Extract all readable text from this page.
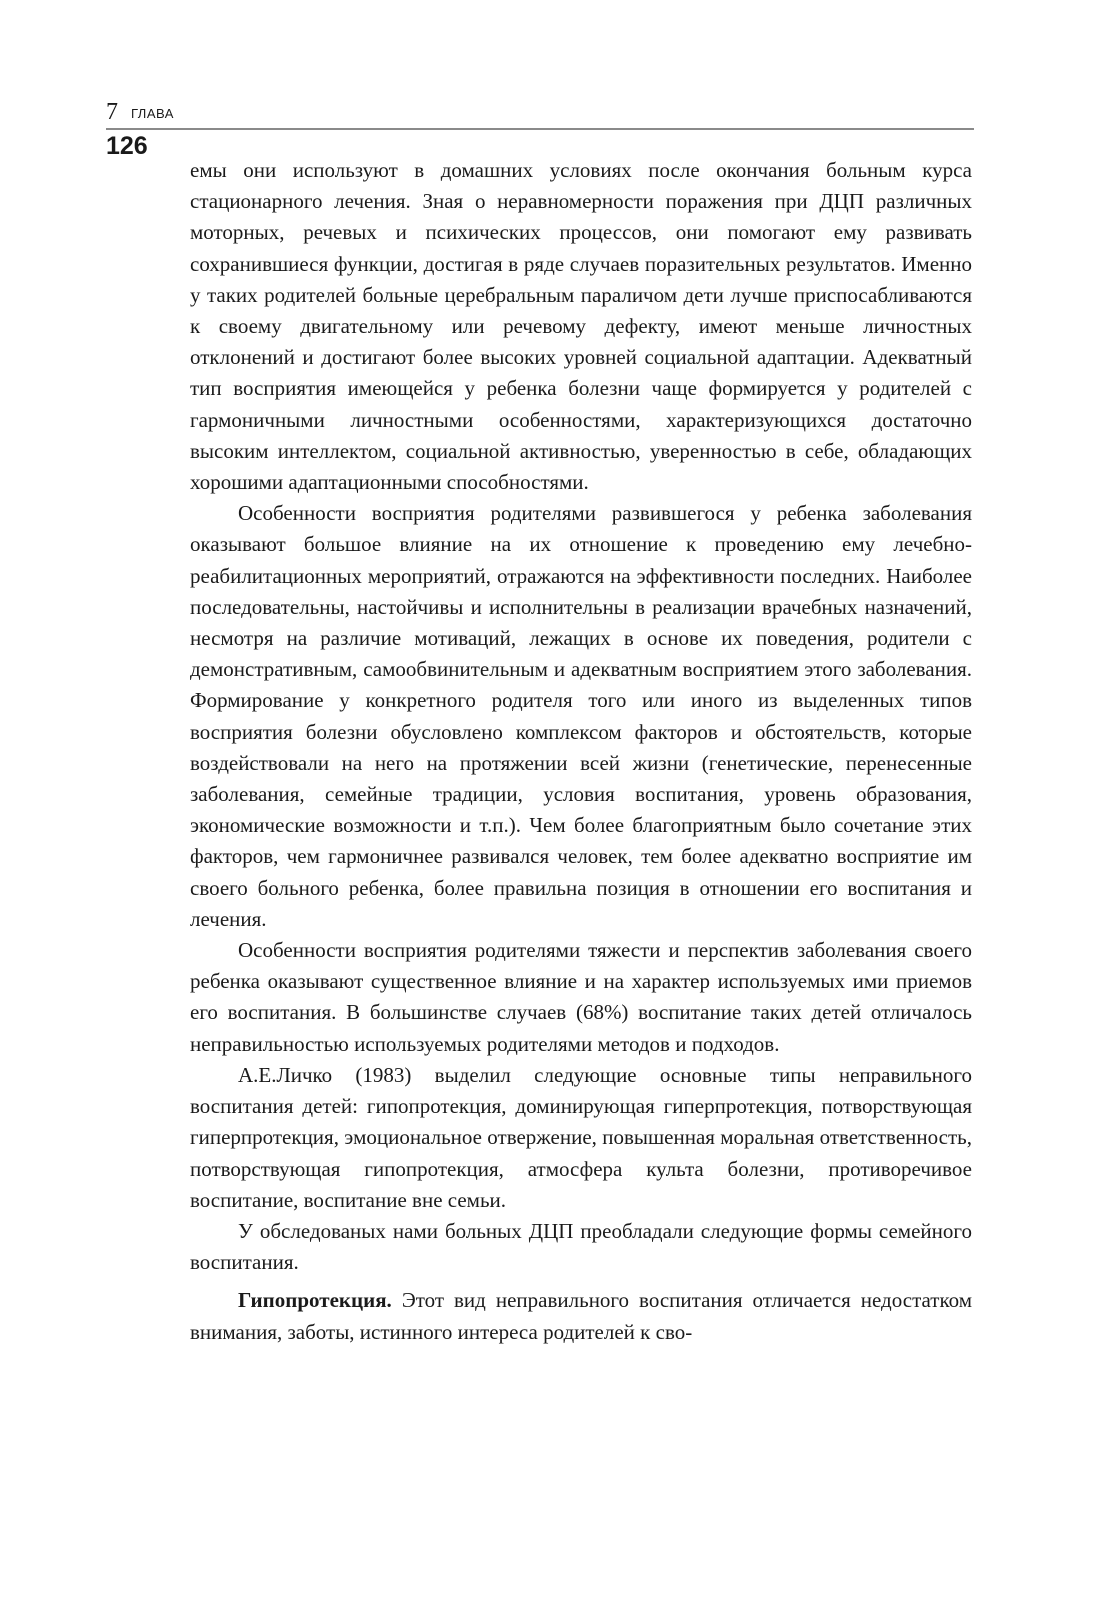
7 ГЛАВА
126

емы они используют в домашних условиях после окончания больным курса стационарного лечения. Зная о неравномерности поражения при ДЦП различных моторных, речевых и психических процессов, они помогают ему развивать сохранившиеся функции, достигая в ряде случаев поразительных результатов. Именно у таких родителей больные церебральным параличом дети лучше приспосабливаются к своему двигательному или речевому дефекту, имеют меньше личностных отклонений и достигают более высоких уровней социальной адаптации. Адекватный тип восприятия имеющейся у ребенка болезни чаще формируется у родителей с гармоничными личностными особенностями, характеризующихся достаточно высоким интеллектом, социальной активностью, уверенностью в себе, обладающих хорошими адаптационными способностями.

Особенности восприятия родителями развившегося у ребенка заболевания оказывают большое влияние на их отношение к проведению ему лечебно-реабилитационных мероприятий, отражаются на эффективности последних. Наиболее последовательны, настойчивы и исполнительны в реализации врачебных назначений, несмотря на различие мотиваций, лежащих в основе их поведения, родители с демонстративным, самообвинительным и адекватным восприятием этого заболевания. Формирование у конкретного родителя того или иного из выделенных типов восприятия болезни обусловлено комплексом факторов и обстоятельств, которые воздействовали на него на протяжении всей жизни (генетические, перенесенные заболевания, семейные традиции, условия воспитания, уровень образования, экономические возможности и т.п.). Чем более благоприятным было сочетание этих факторов, чем гармоничнее развивался человек, тем более адекватно восприятие им своего больного ребенка, более правильна позиция в отношении его воспитания и лечения.

Особенности восприятия родителями тяжести и перспектив заболевания своего ребенка оказывают существенное влияние и на характер используемых ими приемов его воспитания. В большинстве случаев (68%) воспитание таких детей отличалось неправильностью используемых родителями методов и подходов.

А.Е.Личко (1983) выделил следующие основные типы неправильного воспитания детей: гипопротекция, доминирующая гиперпротекция, потворствующая гиперпротекция, эмоциональное отвержение, повышенная моральная ответственность, потворствующая гипопротекция, атмосфера культа болезни, противоречивое воспитание, воспитание вне семьи.

У обследованых нами больных ДЦП преобладали следующие формы семейного воспитания.

Гипопротекция. Этот вид неправильного воспитания отличается недостатком внимания, заботы, истинного интереса родителей к сво-
